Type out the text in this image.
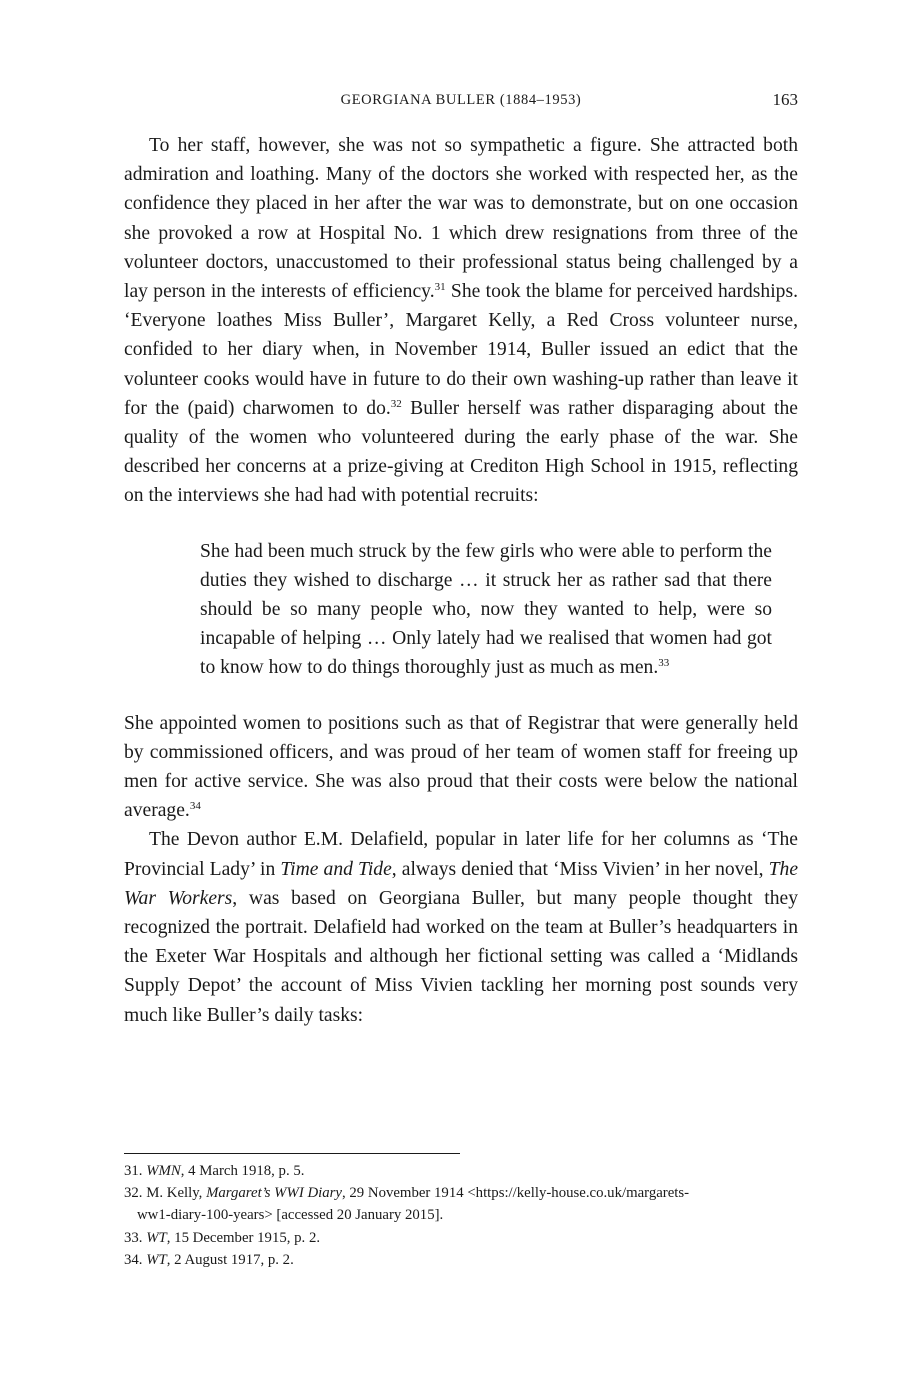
GEORGIANA BULLER (1884–1953)	163

To her staff, however, she was not so sympathetic a figure. She attracted both admiration and loathing. Many of the doctors she worked with respected her, as the confidence they placed in her after the war was to demonstrate, but on one occasion she provoked a row at Hospital No. 1 which drew resignations from three of the volunteer doctors, unaccustomed to their professional status being challenged by a lay person in the interests of efficiency.$^{31}$ She took the blame for perceived hardships. ‘Everyone loathes Miss Buller’, Margaret Kelly, a Red Cross volunteer nurse, confided to her diary when, in November 1914, Buller issued an edict that the volunteer cooks would have in future to do their own washing-up rather than leave it for the (paid) charwomen to do.$^{32}$ Buller herself was rather disparaging about the quality of the women who volunteered during the early phase of the war. She described her concerns at a prize-giving at Crediton High School in 1915, reflecting on the interviews she had had with potential recruits:

She had been much struck by the few girls who were able to perform the duties they wished to discharge … it struck her as rather sad that there should be so many people who, now they wanted to help, were so incapable of helping … Only lately had we realised that women had got to know how to do things thoroughly just as much as men.$^{33}$

She appointed women to positions such as that of Registrar that were generally held by commissioned officers, and was proud of her team of women staff for freeing up men for active service. She was also proud that their costs were below the national average.$^{34}$

The Devon author E.M. Delafield, popular in later life for her columns as ‘The Provincial Lady’ in Time and Tide, always denied that ‘Miss Vivien’ in her novel, The War Workers, was based on Georgiana Buller, but many people thought they recognized the portrait. Delafield had worked on the team at Buller’s headquarters in the Exeter War Hospitals and although her fictional setting was called a ‘Midlands Supply Depot’ the account of Miss Vivien tackling her morning post sounds very much like Buller’s daily tasks:

31. WMN, 4 March 1918, p. 5.

32. M. Kelly, Margaret’s WWI Diary, 29 November 1914 <https://kelly-house.co.uk/margarets-

ww1-diary-100-years> [accessed 20 January 2015].

33. WT, 15 December 1915, p. 2.

34. WT, 2 August 1917, p. 2.
